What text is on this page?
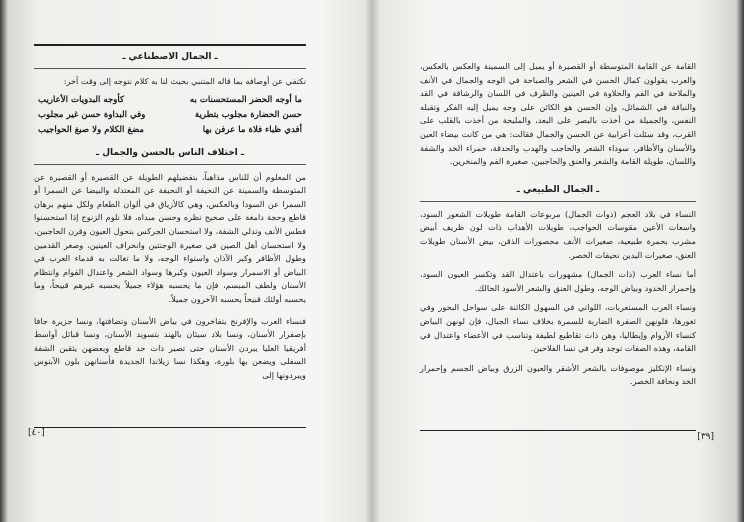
ـ الجمال الاصطناعي ـ

نكتفي عن أوصافه بما قاله المتنبي بحيث لنا به كلام نتوجه إلى وقت آخر:

ما أوجه الحضر المستحسنات به
كأوجه البدويات الأعاريب
حسن الحضارة مجلوب بتطرية
وفي البداوة حسن غير مجلوب
أفدي ظباء فلاة ما عرفن بها
مضغ الكلام ولا صبغ الحواجيب
ـ اختلاف الناس بالحسن والجمال ـ

من المعلوم أن للناس مذاهباً، بتفضيلهم الطويلة عن القصيرة أو القصيرة عن المتوسطة والسمينة عن النحيفة أو النحيفة عن المعتدلة والبيضا عن السمرا أو السمرا عن السودا وبالعكس، وهي كالأزياق في ألوان الطعام ولكل منهم برهان قاطع وحجة دامغة على صحيح نظره وحسن مبداه، فلا نلوم الزنوج إذا استحسنوا فطس الأنف وتدلي الشفة، ولا استحسان الجركس بنحول العيون وقرن الحاجبين، ولا استحسان أهل الصين في صغيرة الوجنتين وانحراف العينين، وصغر القدمين وطول الأظافر وكبر الآذان واستواء الوجه، ولا ما تغالت به قدماء العرب في البياض أو الاسمرار وسواد العيون وكبرها وسواد الشعر واعتدال القوام وانتظام الأسنان ولطف المبسم، فإن ما يحسبه هؤلاء جميلاً يحسبه غيرهم قبيحاً، وما يحسبه أولئك قبيحاً يحسبه الآخرون جميلاً.

فنساء العرب والإفرنج يتفاخرون في بياض الأسنان وتضافتها، ونسا جزيرة جافا بإصفرار الأسنان، ونسا بلاد سيئان بالهند بتسويد الأسنان، ونسا قبائل أواسط أفريقيا العليا يبردن الأسنان حتى تصير ذات حد قاطع وبعضهن يثقبن الشفة السفلى ويضعن بها بلورة، وهكذا نسا زيلاندا الجديدة فأسنانهن بلون الآبنوس ويبردونها إلى

[٤٠]

القامة عن القامة المتوسطة أو القصيرة أو يميل إلى السمينة والعكس بالعكس، والعرب يقولون كمال الحسن في الشعر والصباحة في الوجه والجمال في الأنف والملاحة في الفم والحلاوة في العينين والظرف في اللسان والرشاقة في القد والنباقة في الشمائل، وإن الحسن هو الكائن على وجه يميل إليه الفكر وتقبله النفس، والجميلة من أخذت بالبصر على البعد، والمليحة من أخذت بالقلب على القرب، وقد سئلت أعرابية عن الحسن والجمال فقالت: هي من كانت بيضاء العين والأسنان والأظافر، سوداء الشعر والحاجب والهدب والحدقة، حمراء الخد والشفة واللسان، طويلة القامة والشعر والعنق والحاجبين، صغيرة الفم والمنخرين.

ـ الجمال الطبيعي ـ

النساء في بلاد العجم (ذوات الجمال) مربوعات القامة طويلات الشعور السود، واسعات الأعين مقوسات الحواجب، طويلات الأهداب ذات لون ظريف أبيض مشرب بحمرة طبيعية، صغيرات الأنف محصورات الذقن، بيض الأسنان طويلات العنق، صغيرات اليدين نحيفات الخصر.

أما نساء العرب (ذات الجمال) مشهورات باعتدال القد وتكسر العيون السود، وإحمرار الخدود وبياض الوجه، وطول العنق والشعر الأسود الحالك.

ونساء العرب المستعربات، اللواتي في السهول الكائنة على سواحل البحور وفي ثغورها، فلونهن الصفرة الضاربة للسمرة بخلاف نساء الجبال، فإن لونهن البياض كنساء الأروام وإيطاليا، وهن ذات تقاطيع لطيفة وتناسب في الأعضاء واعتدال في القامة، وهذه الصفات توجد وفر في نسا الفلاحين.

ونساء الإنكليز موصوفات بالشعر الأشقر والعيون الزرق وبياض الجسم وإحمرار الخد ونحافة الخصر.

[٣٩]
